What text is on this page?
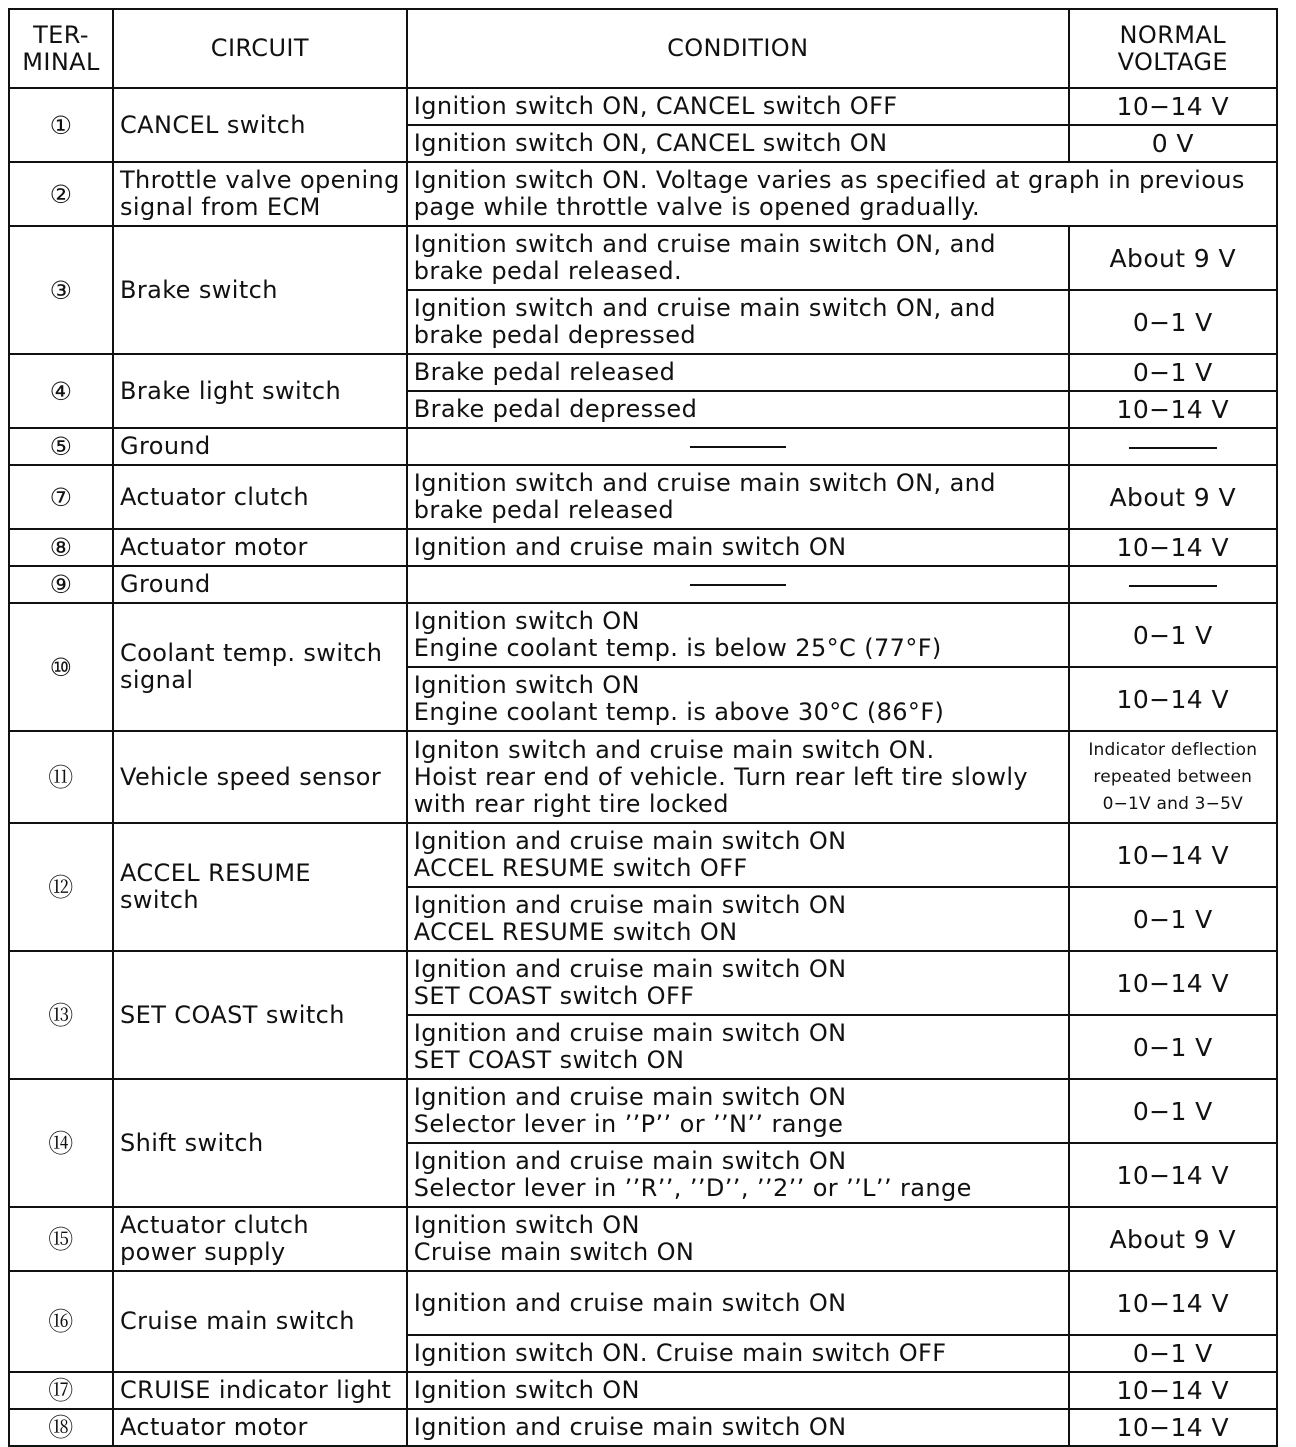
TER-
MINAL	CIRCUIT	CONDITION	NORMAL
VOLTAGE

①	CANCEL switch	Ignition switch ON, CANCEL switch OFF	10−14 V

		Ignition switch ON, CANCEL switch ON	0 V
②	Throttle valve opening
signal from ECM	Ignition switch ON. Voltage varies as specified at graph in previous
page while throttle valve is opened gradually.	

③	Brake switch	Ignition switch and cruise main switch ON, and
brake pedal released.	About 9 V

		Ignition switch and cruise main switch ON, and
brake pedal depressed	0−1 V
④	Brake light switch	Brake pedal released	0−1 V

		Brake pedal depressed	10−14 V
⑤	Ground		

⑦	Actuator clutch	Ignition switch and cruise main switch ON, and
brake pedal released	About 9 V
⑧	Actuator motor	Ignition and cruise main switch ON	10−14 V
⑨	Ground		

⑩	Coolant temp. switch
signal	Ignition switch ON
Engine coolant temp. is below 25°C (77°F)	0−1 V

		Ignition switch ON
Engine coolant temp. is above 30°C (86°F)	10−14 V
⑪	Vehicle speed sensor	Igniton switch and cruise main switch ON.
Hoist rear end of vehicle. Turn rear left tire slowly
with rear right tire locked	Indicator deflection
repeated between
0−1V and 3−5V

⑫	ACCEL RESUME
switch	Ignition and cruise main switch ON
ACCEL RESUME switch OFF	10−14 V

		Ignition and cruise main switch ON
ACCEL RESUME switch ON	0−1 V
⑬	SET COAST switch	Ignition and cruise main switch ON
SET COAST switch OFF	10−14 V

		Ignition and cruise main switch ON
SET COAST switch ON	0−1 V
⑭	Shift switch	Ignition and cruise main switch ON
Selector lever in ’’P’’ or ’’N’’ range	0−1 V

		Ignition and cruise main switch ON
Selector lever in ’’R’’, ’’D’’, ’’2’’ or ’’L’’ range	10−14 V
⑮	Actuator clutch
power supply	Ignition switch ON
Cruise main switch ON	About 9 V
⑯	Cruise main switch	Ignition and cruise main switch ON	10−14 V

		Ignition switch ON. Cruise main switch OFF	0−1 V
⑰	CRUISE indicator light	Ignition switch ON	10−14 V
⑱	Actuator motor	Ignition and cruise main switch ON	10−14 V
